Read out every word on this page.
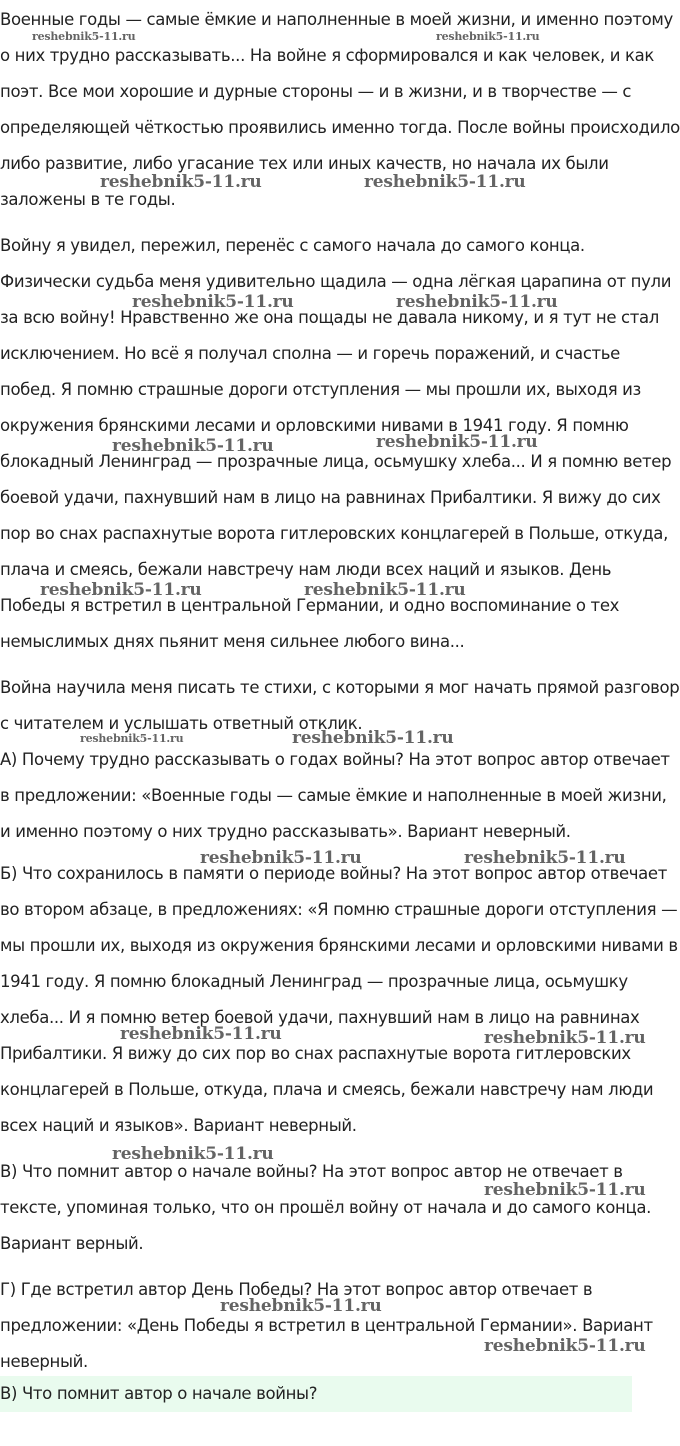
Военные годы — самые ёмкие и наполненные в моей жизни, и именно поэтому о них трудно рассказывать... На войне я сформировался и как человек, и как поэт. Все мои хорошие и дурные стороны — и в жизни, и в творчестве — с определяющей чёткостью проявились именно тогда. После войны происходило либо развитие, либо угасание тех или иных качеств, но начала их были заложены в те годы.
Войну я увидел, пережил, перенёс с самого начала до самого конца. Физически судьба меня удивительно щадила — одна лёгкая царапина от пули за всю войну! Нравственно же она пощады не давала никому, и я тут не стал исключением. Но всё я получал сполна — и горечь поражений, и счастье побед. Я помню страшные дороги отступления — мы прошли их, выходя из окружения брянскими лесами и орловскими нивами в 1941 году. Я помню блокадный Ленинград — прозрачные лица, осьмушку хлеба... И я помню ветер боевой удачи, пахнувший нам в лицо на равнинах Прибалтики. Я вижу до сих пор во снах распахнутые ворота гитлеровских концлагерей в Польше, откуда, плача и смеясь, бежали навстречу нам люди всех наций и языков. День Победы я встретил в центральной Германии, и одно воспоминание о тех немыслимых днях пьянит меня сильнее любого вина...
Война научила меня писать те стихи, с которыми я мог начать прямой разговор с читателем и услышать ответный отклик.
А) Почему трудно рассказывать о годах войны? На этот вопрос автор отвечает в предложении: «Военные годы — самые ёмкие и наполненные в моей жизни, и именно поэтому о них трудно рассказывать». Вариант неверный.
Б) Что сохранилось в памяти о периоде войны? На этот вопрос автор отвечает во втором абзаце, в предложениях: «Я помню страшные дороги отступления — мы прошли их, выходя из окружения брянскими лесами и орловскими нивами в 1941 году. Я помню блокадный Ленинград — прозрачные лица, осьмушку хлеба... И я помню ветер боевой удачи, пахнувший нам в лицо на равнинах Прибалтики. Я вижу до сих пор во снах распахнутые ворота гитлеровских концлагерей в Польше, откуда, плача и смеясь, бежали навстречу нам люди всех наций и языков». Вариант неверный.
В) Что помнит автор о начале войны? На этот вопрос автор не отвечает в тексте, упоминая только, что он прошёл войну от начала и до самого конца. Вариант верный.
Г) Где встретил автор День Победы? На этот вопрос автор отвечает в предложении: «День Победы я встретил в центральной Германии». Вариант неверный.
В) Что помнит автор о начале войны?
reshebnik5-11.ru	reshebnik5-11.ru
reshebnik5-11.ru	reshebnik5-11.ru
reshebnik5-11.ru	reshebnik5-11.ru
reshebnik5-11.ru	reshebnik5-11.ru
reshebnik5-11.ru	reshebnik5-11.ru
reshebnik5-11.ru	reshebnik5-11.ru
reshebnik5-11.ru	reshebnik5-11.ru
reshebnik5-11.ru	reshebnik5-11.ru
reshebnik5-11.ru
reshebnik5-11.ru
reshebnik5-11.ru
reshebnik5-11.ru
